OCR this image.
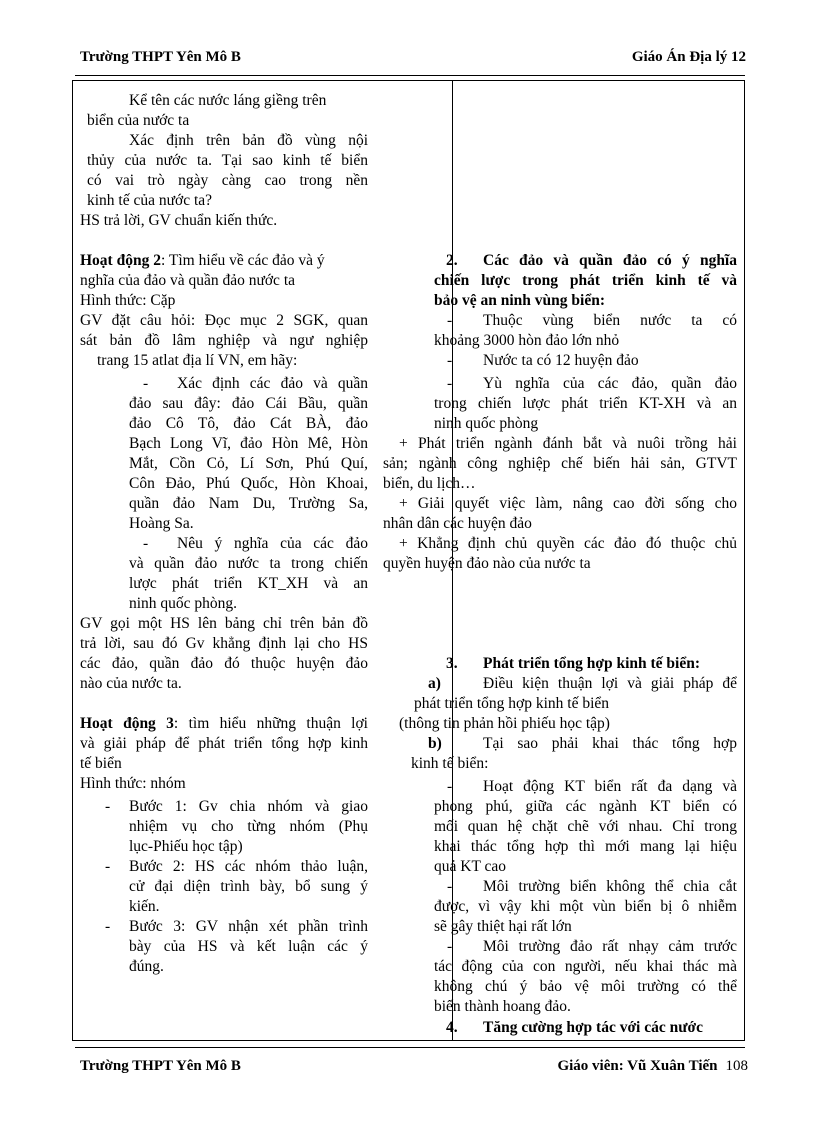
Trường THPT Yên Mô B	Giáo Án Địa lý 12
Kể tên các nước láng giềng trên
biển của nước ta
Xác định trên bản đồ vùng nội
thủy của nước ta. Tại sao kinh tế biển
có vai trò ngày càng cao trong nền
kinh tế của nước ta?
HS trả lời, GV chuẩn kiến thức.
Hoạt động 2: Tìm hiểu về các đảo và ý
nghĩa của đảo và quần đảo nước ta
Hình thức: Cặp
GV đặt câu hỏi: Đọc mục 2 SGK, quan
sát bản đồ lâm nghiệp và ngư nghiệp
trang 15 atlat địa lí VN, em hãy:
- Xác định các đảo và quần
đảo sau đây: đảo Cái Bầu, quần
đảo Cô Tô, đảo Cát BÀ, đảo
Bạch Long Vĩ, đảo Hòn Mê, Hòn
Mắt, Cồn Cỏ, Lí Sơn, Phú Quí,
Côn Đảo, Phú Quốc, Hòn Khoai,
quần đảo Nam Du, Trường Sa,
Hoàng Sa.
- Nêu ý nghĩa của các đảo
và quần đảo nước ta trong chiến
lược phát triển KT_XH và an
ninh quốc phòng.
GV gọi một HS lên bảng chỉ trên bản đồ
trả lời, sau đó Gv khẳng định lại cho HS
các đảo, quần đảo đó thuộc huyện đảo
nào của nước ta.
Hoạt động 3: tìm hiểu những thuận lợi
và giải pháp để phát triển tổng hợp kinh
tế biển
Hình thức: nhóm
- Bước 1: Gv chia nhóm và giao
nhiệm vụ cho từng nhóm (Phụ
lục-Phiếu học tập)
- Bước 2: HS các nhóm thảo luận,
cử đại diện trình bày, bổ sung ý
kiến.
- Bước 3: GV nhận xét phần trình
bày của HS và kết luận các ý
đúng.
2. Các đảo và quần đảo có ý nghĩa
chiến lược trong phát triển kinh tế và
bảo vệ an ninh vùng biển:
- Thuộc vùng biển nước ta có
khoảng 3000 hòn đảo lớn nhỏ
- Nước ta có 12 huyện đảo
- Yù nghĩa của các đảo, quần đảo
trong chiến lược phát triển KT-XH và an
ninh quốc phòng
+ Phát triển ngành đánh bắt và nuôi trồng hải
sản; ngành công nghiệp chế biến hải sản, GTVT
biển, du lịch…
+ Giải quyết việc làm, nâng cao đời sống cho
nhân dân các huyện đảo
+ Khẳng định chủ quyền các đảo đó thuộc chủ
quyền huyện đảo nào của nước ta
3. Phát triển tổng hợp kinh tế biển:
a)	Điều kiện thuận lợi và giải pháp để
phát triển tổng hợp kinh tế biển
(thông tin phản hồi phiếu học tập)
b)	Tại sao phải khai thác tổng hợp
kinh tế biển:
- Hoạt động KT biển rất đa dạng và
phong phú, giữa các ngành KT biển có
mối quan hệ chặt chẽ với nhau. Chỉ trong
khai thác tổng hợp thì mới mang lại hiệu
quả KT cao
- Môi trường biển không thể chia cắt
được, vì vậy khi một vùn biển bị ô nhiễm
sẽ gây thiệt hại rất lớn
- Môi trường đảo rất nhạy cảm trước
tác động của con người, nếu khai thác mà
không chú ý bảo vệ môi trường có thể
biến thành hoang đảo.
4. Tăng cường hợp tác với các nước
Trường THPT Yên Mô B	Giáo viên: Vũ Xuân Tiến 108
